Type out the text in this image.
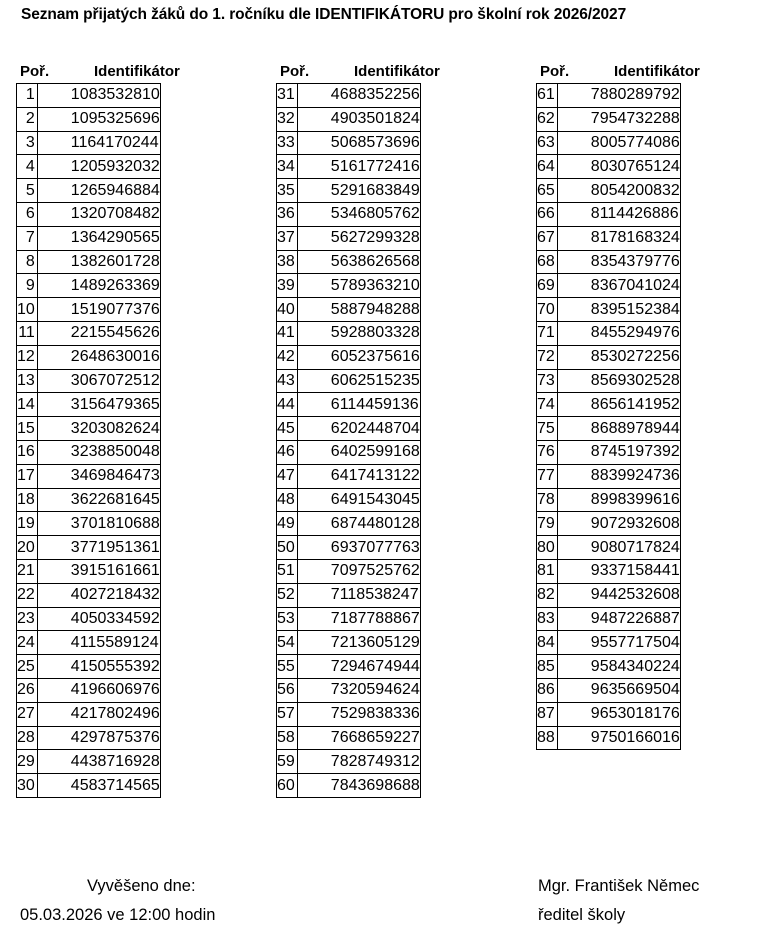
Seznam přijatých žáků do 1. ročníku dle IDENTIFIKÁTORU pro školní rok 2026/2027
Poř.	Identifikátor
1	1083532810
2	1095325696
3	1164170244
4	1205932032
5	1265946884
6	1320708482
7	1364290565
8	1382601728
9	1489263369
10	1519077376
11	2215545626
12	2648630016
13	3067072512
14	3156479365
15	3203082624
16	3238850048
17	3469846473
18	3622681645
19	3701810688
20	3771951361
21	3915161661
22	4027218432
23	4050334592
24	4115589124
25	4150555392
26	4196606976
27	4217802496
28	4297875376
29	4438716928
30	4583714565
Poř.	Identifikátor
31	4688352256
32	4903501824
33	5068573696
34	5161772416
35	5291683849
36	5346805762
37	5627299328
38	5638626568
39	5789363210
40	5887948288
41	5928803328
42	6052375616
43	6062515235
44	6114459136
45	6202448704
46	6402599168
47	6417413122
48	6491543045
49	6874480128
50	6937077763
51	7097525762
52	7118538247
53	7187788867
54	7213605129
55	7294674944
56	7320594624
57	7529838336
58	7668659227
59	7828749312
60	7843698688
Poř.	Identifikátor
61	7880289792
62	7954732288
63	8005774086
64	8030765124
65	8054200832
66	8114426886
67	8178168324
68	8354379776
69	8367041024
70	8395152384
71	8455294976
72	8530272256
73	8569302528
74	8656141952
75	8688978944
76	8745197392
77	8839924736
78	8998399616
79	9072932608
80	9080717824
81	9337158441
82	9442532608
83	9487226887
84	9557717504
85	9584340224
86	9635669504
87	9653018176
88	9750166016
Vyvěšeno dne:
05.03.2026 ve 12:00 hodin
Mgr. František Němec
ředitel školy
